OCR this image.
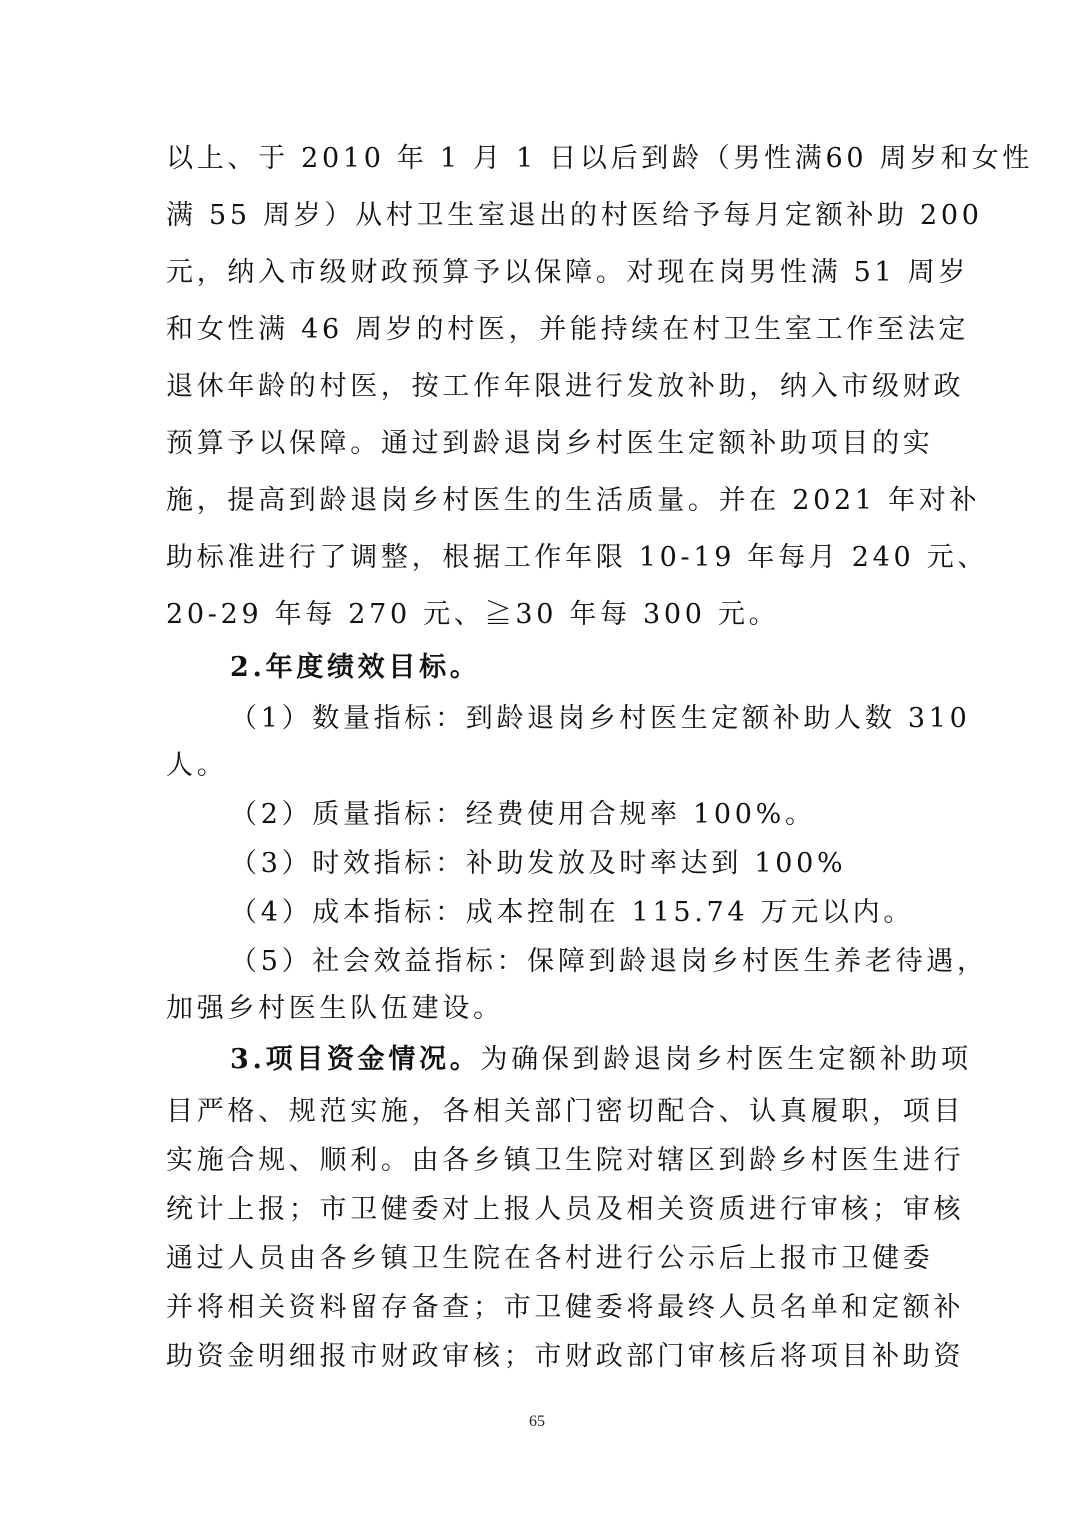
以上、于 2010 年 1 月 1 日以后到龄（男性满60 周岁和女性
满 55 周岁）从村卫生室退出的村医给予每月定额补助 200
元，纳入市级财政预算予以保障。对现在岗男性满 51 周岁
和女性满 46 周岁的村医，并能持续在村卫生室工作至法定
退休年龄的村医，按工作年限进行发放补助，纳入市级财政
预算予以保障。通过到龄退岗乡村医生定额补助项目的实
施，提高到龄退岗乡村医生的生活质量。并在 2021 年对补
助标准进行了调整，根据工作年限 10-19 年每月 240 元、
20-29 年每 270 元、≧30 年每 300 元。
2.年度绩效目标。
（1）数量指标：到龄退岗乡村医生定额补助人数 310
人。
（2）质量指标：经费使用合规率 100%。
（3）时效指标：补助发放及时率达到 100%
（4）成本指标：成本控制在 115.74 万元以内。
（5）社会效益指标：保障到龄退岗乡村医生养老待遇，
加强乡村医生队伍建设。
3.项目资金情况。为确保到龄退岗乡村医生定额补助项
目严格、规范实施，各相关部门密切配合、认真履职，项目
实施合规、顺利。由各乡镇卫生院对辖区到龄乡村医生进行
统计上报；市卫健委对上报人员及相关资质进行审核；审核
通过人员由各乡镇卫生院在各村进行公示后上报市卫健委
并将相关资料留存备查；市卫健委将最终人员名单和定额补
助资金明细报市财政审核；市财政部门审核后将项目补助资
65
